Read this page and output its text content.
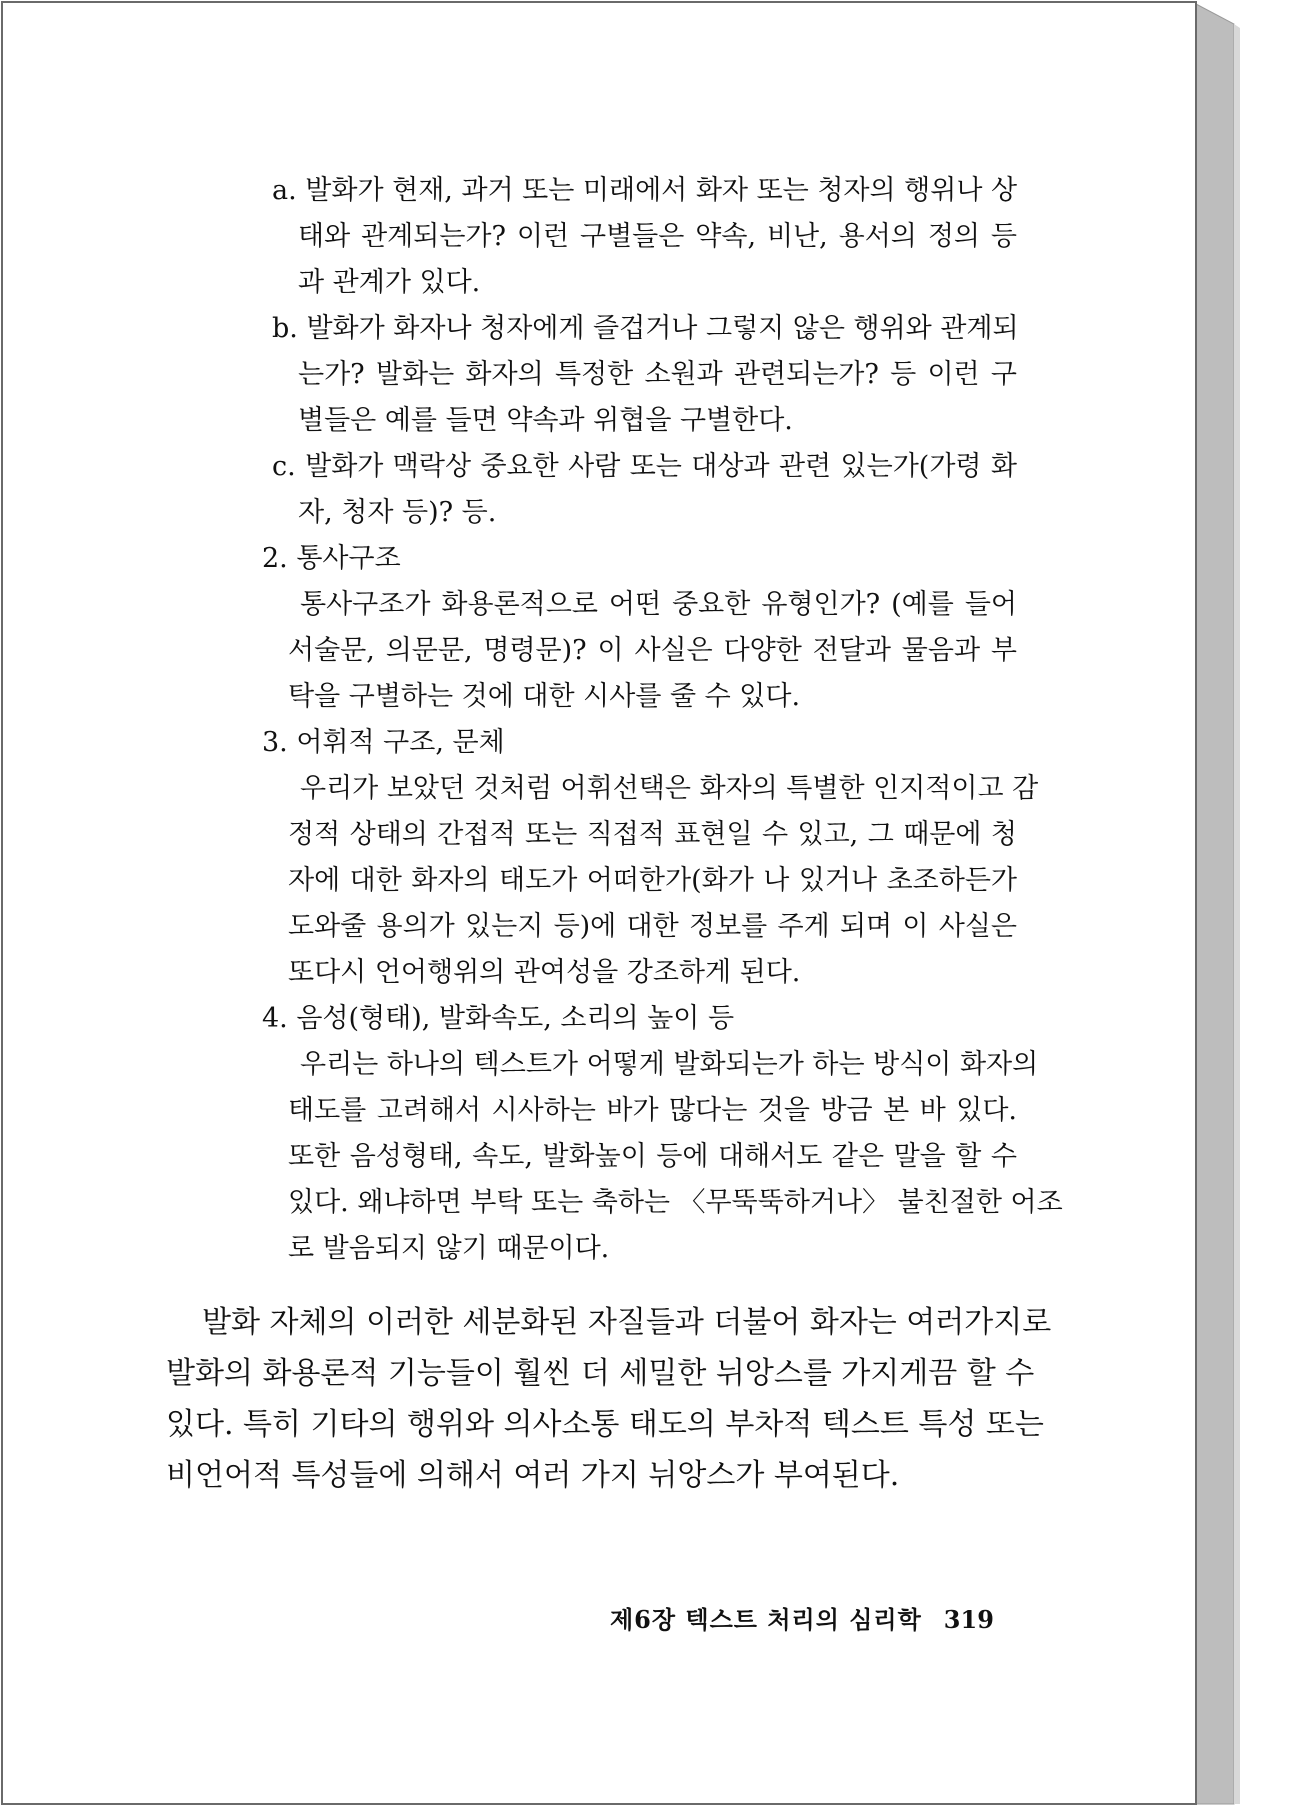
a. 발화가 현재, 과거 또는 미래에서 화자 또는 청자의 행위나 상
태와 관계되는가? 이런 구별들은 약속, 비난, 용서의 정의 등
과 관계가 있다.
b. 발화가 화자나 청자에게 즐겁거나 그렇지 않은 행위와 관계되
는가? 발화는 화자의 특정한 소원과 관련되는가? 등 이런 구
별들은 예를 들면 약속과 위협을 구별한다.
c. 발화가 맥락상 중요한 사람 또는 대상과 관련 있는가(가령 화
자, 청자 등)? 등.
2. 통사구조
통사구조가 화용론적으로 어떤 중요한 유형인가? (예를 들어
서술문, 의문문, 명령문)? 이 사실은 다양한 전달과 물음과 부
탁을 구별하는 것에 대한 시사를 줄 수 있다.
3. 어휘적 구조, 문체
우리가 보았던 것처럼 어휘선택은 화자의 특별한 인지적이고 감
정적 상태의 간접적 또는 직접적 표현일 수 있고, 그 때문에 청
자에 대한 화자의 태도가 어떠한가(화가 나 있거나 초조하든가
도와줄 용의가 있는지 등)에 대한 정보를 주게 되며 이 사실은
또다시 언어행위의 관여성을 강조하게 된다.
4. 음성(형태), 발화속도, 소리의 높이 등
우리는 하나의 텍스트가 어떻게 발화되는가 하는 방식이 화자의
태도를 고려해서 시사하는 바가 많다는 것을 방금 본 바 있다.
또한 음성형태, 속도, 발화높이 등에 대해서도 같은 말을 할 수
있다. 왜냐하면 부탁 또는 축하는 〈무뚝뚝하거나〉 불친절한 어조
로 발음되지 않기 때문이다.
발화 자체의 이러한 세분화된 자질들과 더불어 화자는 여러가지로
발화의 화용론적 기능들이 훨씬 더 세밀한 뉘앙스를 가지게끔 할 수
있다. 특히 기타의 행위와 의사소통 태도의 부차적 텍스트 특성 또는
비언어적 특성들에 의해서 여러 가지 뉘앙스가 부여된다.
제6장 텍스트 처리의 심리학 319
